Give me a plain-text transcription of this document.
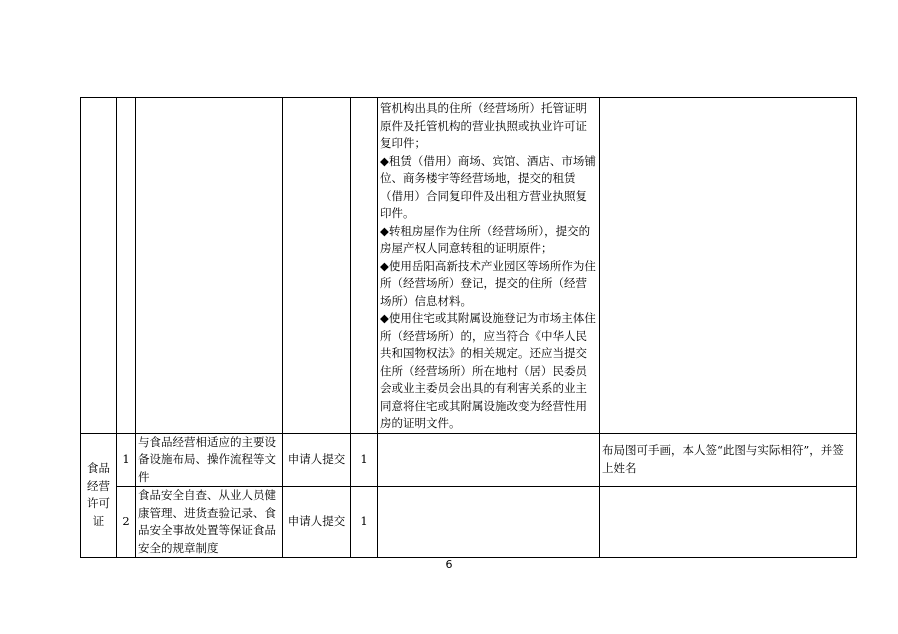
					管机构出具的住所（经营场所）托管证明原件及托管机构的营业执照或执业许可证复印件；
◆租赁（借用）商场、宾馆、酒店、市场铺位、商务楼宇等经营场地，提交的租赁（借用）合同复印件及出租方营业执照复印件。
◆转租房屋作为住所（经营场所），提交的房屋产权人同意转租的证明原件；
◆使用岳阳高新技术产业园区等场所作为住所（经营场所）登记，提交的住所（经营场所）信息材料。
◆使用住宅或其附属设施登记为市场主体住所（经营场所）的，应当符合《中华人民共和国物权法》的相关规定。还应当提交住所（经营场所）所在地村（居）民委员会或业主委员会出具的有利害关系的业主同意将住宅或其附属设施改变为经营性用房的证明文件。	

食品经营许可证	1	与食品经营相适应的主要设备设施布局、操作流程等文件	申请人提交	1		布局图可手画，本人签“此图与实际相符”，并签上姓名
	2	食品安全自查、从业人员健康管理、进货查验记录、食品安全事故处置等保证食品安全的规章制度	申请人提交	1		
6
